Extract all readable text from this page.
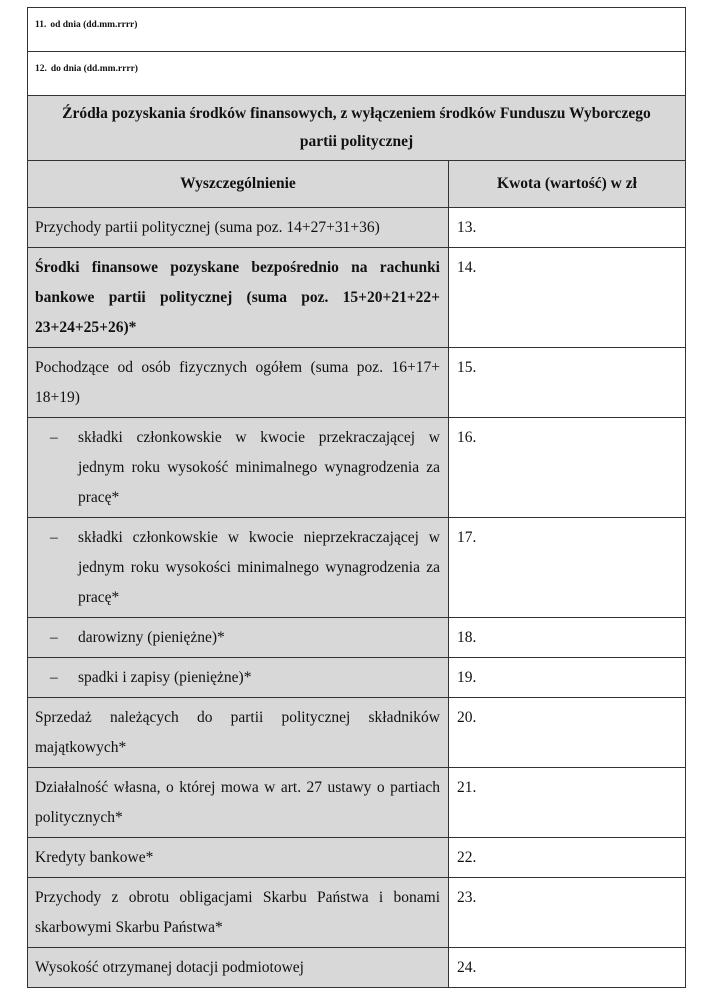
11. od dnia (dd.mm.rrrr)	

12. do dnia (dd.mm.rrrr)	

Źródła pozyskania środków finansowych, z wyłączeniem środków Funduszu Wyborczego partii politycznej	
Wyszczególnienie	Kwota (wartość) w zł
Przychody partii politycznej (suma poz. 14+27+31+36)	13.
Środki finansowe pozyskane bezpośrednio na rachunki bankowe partii politycznej (suma poz. 15+20+21+22+ 23+24+25+26)*	14.
Pochodzące od osób fizycznych ogółem (suma poz. 16+17+ 18+19)	15.

– składki członkowskie w kwocie przekraczającej w jednym roku wysokość minimalnego wynagrodzenia za pracę*	16.

– składki członkowskie w kwocie nieprzekraczającej w jednym roku wysokości minimalnego wynagrodzenia za pracę*	17.

– darowizny (pieniężne)*	18.

– spadki i zapisy (pieniężne)*	19.
Sprzedaż należących do partii politycznej składników majątkowych*	20.
Działalność własna, o której mowa w art. 27 ustawy o partiach politycznych*	21.
Kredyty bankowe*	22.
Przychody z obrotu obligacjami Skarbu Państwa i bonami skarbowymi Skarbu Państwa*	23.
Wysokość otrzymanej dotacji podmiotowej	24.
